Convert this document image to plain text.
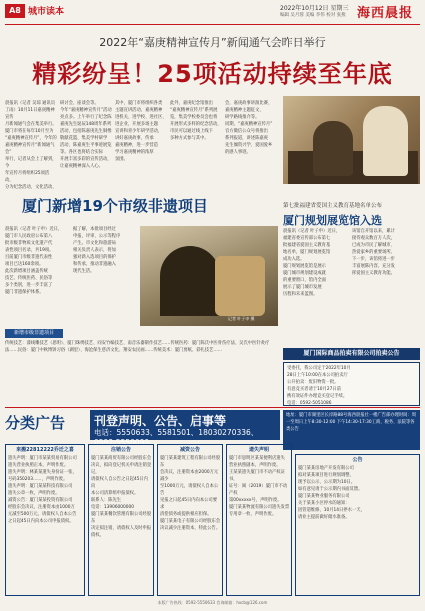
A8 城市读本	2022年10月12日 星期三
编辑 吴月蓉 美编 李伟 校对 张燕 海西晨报
2022年“嘉庚精神宣传月”新闻通气会昨日举行
精彩纷呈！25项活动持续至年底
晨报讯（记者 吴琼 通讯员
丁雨）10月11日嘉庚精神宣传
月新闻通气会在集美举行。
厦门市将在每年10月至为
“嘉庚精神宣传月”，今年的
嘉庚精神宣传月“新闻通气会”
举行，记者从会上了解到，今
年宣传月将组织25项活动，
分为纪念活动、文化活动、
研讨会、座谈会等。
今年“嘉庚精神宣传月”活动
亮点多。上午举行了纪念陈
嘉庚先生诞辰148周年系列
活动，包括陈嘉庚先生铜像
敬献花篮、集美学村研学
活动、陈嘉庚生平事迹展览
等。各区也将结合实际
开展丰富多彩的宣传活动，
让嘉庚精神深入人心。
其中，厦门市将组织各类
主题宣讲活动，嘉庚精神
进机关、进学校、进社区、
进企业，开展多场主题
宣讲和青少年研学活动，
讲好嘉庚故事，传承
嘉庚精神，进一步营造
学习嘉庚精神的浓厚
氛围。
此外，嘉庚纪念馆推出
“嘉庚精神宣传月”系列展
览，集美学校委员会也将
开展形式多样的纪念活动，
市民可以通过线上线下
多种方式参与其中。
会，嘉庚故事讲演比赛、
嘉庚精神主题征文、
研学路线推介等。
同期，“嘉庚精神宣传月”
官方微信公众号将推出
系列报道，讲述陈嘉庚
先生倾资兴学、爱国爱乡
的感人事迹。
厦门新增19个市级非遗项目
晨报讯（记者 叶子申）近日，
厦门市人民政府公布第八
批市级非物质文化遗产代
表性项目名录，共19项。
目前厦门市级非遗代表性
项目已达160余项。
此次新增项目涵盖传统
技艺、传统医药、民俗等
多个类别，进一步丰富了
厦门非遗保护体系。
据了解，本批项目经过
申报、评审、公示等程序
产生。市文化和旅游局
相关负责人表示，将加
强对新入选项目的保护
和传承，推动非遗融入
现代生活。
记者 叶子申 摄
新增市级非遗项目
传统技艺：漆线雕技艺（思明）、厦门珠绣技艺、同安竹编技艺、南音乐器制作技艺……传统医药：厦门陈氏中医骨伤疗法、吴氏中医针灸疗法……民俗：厦门中秋博饼习俗（湖里）、海沧保生慈济文化、翔安农民画……传统美术：厦门剪纸、彩扎技艺……
第七批福建省爱国主义教育基地名单公布
厦门规划展览馆入选
晨报讯（记者 叶子申）近日，
福建省委宣传部公布第七
批福建省爱国主义教育基
地名单，厦门规划展览馆
成功入选。
厦门规划展览馆是展示
厦门城市规划建设成就
的重要窗口，馆内全面
展示了厦门城市发展
历程和未来蓝图。
该馆自开馆以来，累计
接待观众数百万人次，
已成为市民了解城市、
热爱家乡的重要场所。
下一步，该馆将进一步
丰富展陈内容，充分发
挥爱国主义教育功能。
厦门国际商品拍卖有限公司拍卖公告
受委托，我公司定于2022年10月
28日上午10:00在本公司拍卖厅
公开拍卖：废旧物资一批。
有意竞买者请于10月27日前
携有效证件办理竞买登记手续。
电话：0592-5051086
分类广告	刊登声明、公告、启事等
电话：5550633、5581501、18030270336、0592-5550099
地址：厦门市湖里区长岸路88号海西晨报社一楼广告部办理时间：周一至周日上午8:30-12:00 下午14:30-17:30工商、税务、法院等各类公告
来搬22812222乔迁之喜
遗失声明：厦门市某某贸易有限公司
遗失营业执照正本，声明作废。
遗失声明：林某某遗失身份证一张，
号码350203……，声明作废。
遗失声明：厦门某某科技有限公司
遗失公章一枚，声明作废。
减资公告：厦门某某投资有限公司
经股东会决议，注册资本由1000万
元减至500万元，请债权人自本公告
之日起45日内向本公司申报债权。
注销公告
厦门某某商贸有限公司经股东会
决议，拟向登记机关申请注销登记，
请债权人自公告之日起45日内向
本公司清算组申报债权。
联系人：陈先生
电话：13906000000
厦门某某餐饮管理有限公司经股东
决定拟注销，请债权人及时申报债权。
减资公告
厦门某某建筑工程有限公司经股东
会决议，注册资本由2000万元减少
至1000万元，请债权人自本公告
见报之日起45日内向本公司要求
清偿债务或提供相应担保。
厦门某某电子有限公司经股东会
决议减少注册资本，特此公告。
遗失声明
厦门市思明区某某便利店遗失
营业执照副本，声明作废。
王某某遗失厦门市不动产权证书，
证号：闽（2019）厦门市不动产权
第00xxxxx号，声明作废。
厦门某某物流有限公司遗失发票
专用章一枚，声明作废。
公告
厦门某某房地产开发有限公司
拟对某某项目进行规划调整，
现予以公示，公示期为10日。
如有意见请于公示期内书面反馈。
厦门某某物业服务有限公司
关于某某小区停水的通知：
因管道维修，10月14日停水一天，
请业主提前做好储水准备。
本版广告热线：0592-5550633 咨询邮箱：hxcb@126.com
